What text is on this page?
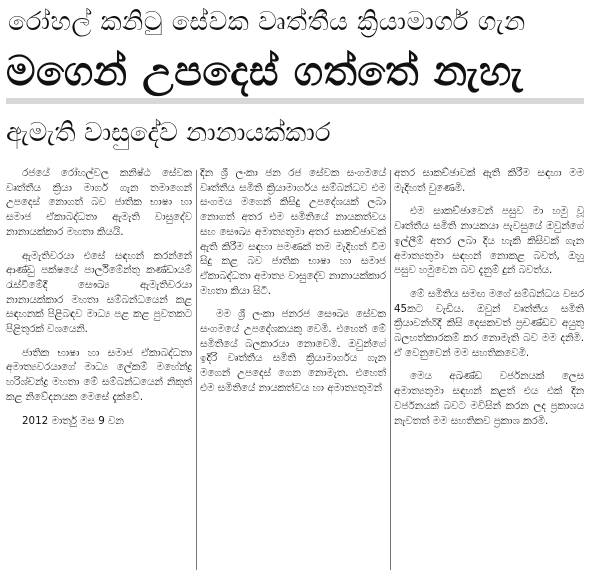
රෝහල් කනිටු සේවක වෘත්තීය ක්‍රියාමාර්ග ගැන
මගෙන් උපදෙස් ගත්තේ නැහැ
ඇමැති වාසුදේව නානායක්කාර

රජයේ රෝහල්වල කනිෂ්ඨ සේවක වෘත්තීය ක්‍රියා මාර්ග ගැන තමාගෙන් උපදෙස් නොගත් බව ජාතික භාෂා හා සමාජ ඒකාබද්ධතා ඇමැති වාසුදේව නානායක්කාර මහතා කියයි.

ඇමැතිවරයා එසේ සඳහන් කරන්නේ ආණ්ඩු පක්ෂයේ පාර්ලිමේන්තු කණ්ඩායම් රැස්වීමේදී සෞඛ්‍ය ඇමැතිවරයා නානායක්කාර මහතා සම්බන්ධයෙන් කළ සඳහනක් පිළිබඳව මාධ්‍ය පළ කළ පුවතකට පිළිතුරක් වශයෙනි.

ජාතික භාෂා හා සමාජ ඒකාබද්ධතා අමාත්‍යවරයාගේ මාධ්‍ය ලේකම් මහේන්ද්‍ර හරිශ්චන්ද්‍ර මහතා මේ සම්බන්ධයෙන් නිකුත් කළ නිවේදනයක මෙසේ දැක්වේ.

2012 මාර්තු මස 9 වන

දින ශ්‍රී ලංකා ජන රජ සේවක සංගමයේ වෘත්තීය සමිති ක්‍රියාමාර්ගය සම්බන්ධව එම සංගමය මගෙන් කිසිදු උපදේශයක් ලබා නොගත් අතර එම සමිතියේ නායකත්වය සහ සෞඛ්‍ය අමාත්‍යතුමා අතර සාකච්ඡාවක් ඇති කිරීම සඳහා පමණක් තම මැදිහත් වීම සිදු කළ බව ජාතික භාෂා හා සමාජ ඒකාබද්ධතා අමාත්‍ය වාසුදේව නානායක්කාර මහතා කියා සිටී.

මම ශ්‍රී ලංකා ජනරජ සෞඛ්‍ය සේවක සංගමයේ උපදේශකයකු වෙමි. එහෙත් මේ සමිතියේ බලකාරයා නොවෙමි. ඔවුන්ගේ ඉදිරි වෘත්තීය සමිති ක්‍රියාමාර්ගය ගැන මගෙන් උපදෙස් ගෙන නොමැත. එහෙත් එම සමිතියේ නායකත්වය හා අමාත්‍යතුමන්

අතර සාකච්ඡාවක් ඇති කිරීම සඳහා මම මැදිහත් වුණෙමි.

එම සාකච්ඡාවෙන් පසුව මා හමු වූ වෘත්තීය සමිති නායකයා පැවසුයේ ඔවුන්ගේ ඉල්ලීම් අතර ලබා දිය හැකි කිසිවක් ගැන අමාත්‍යතුමා සඳහන් නොකළ බවත්, ඔහු පසුව හමුවෙන බව දැනුම් දුන් බවත්ය.

මේ සමිතිය සමඟ මගේ සම්බන්ධය වසර 45කට වැඩිය. ඔවුන් වෘත්තීය සමිති ක්‍රියාවන්හිදී කිසි දෙසකවත් ප්‍රචණ්ඩව අයුතු බලහත්කාරකම් කර නොමැති බව මම දනිමි. ඒ වෙනුවෙන් මම සහතිකවෙමි.

මෙය අඛණ්ඩ වර්ජනයක් ලෙස අමාත්‍යතුමා සඳහන් කළත් එය එක් දින වර්ජනයක් බවට මවිසින් කරන ලද ප්‍රකාශය නැවතත් මම සහතිකව ප්‍රකාශ කරමි.
